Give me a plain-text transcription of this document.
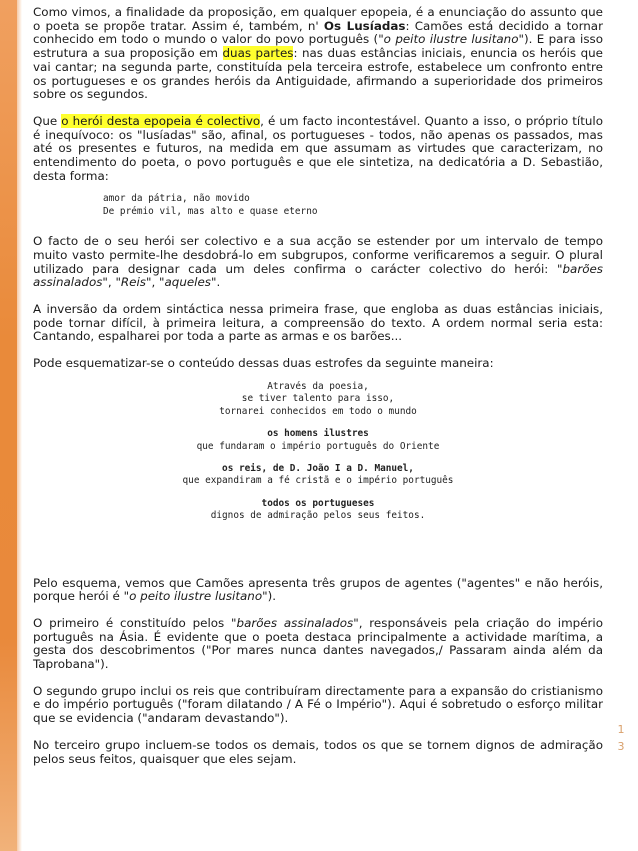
Como vimos, a finalidade da proposição, em qualquer epopeia, é a enunciação do assunto que o poeta se propõe tratar. Assim é, também, n' Os Lusíadas: Camões está decidido a tornar conhecido em todo o mundo o valor do povo português ("o peito ilustre lusitano"). E para isso estrutura a sua proposição em duas partes: nas duas estâncias iniciais, enuncia os heróis que vai cantar; na segunda parte, constituída pela terceira estrofe, estabelece um confronto entre os portugueses e os grandes heróis da Antiguidade, afirmando a superioridade dos primeiros sobre os segundos.

Que o herói desta epopeia é colectivo, é um facto incontestável. Quanto a isso, o próprio título é inequívoco: os "lusíadas" são, afinal, os portugueses - todos, não apenas os passados, mas até os presentes e futuros, na medida em que assumam as virtudes que caracterizam, no entendimento do poeta, o povo português e que ele sintetiza, na dedicatória a D. Sebastião, desta forma:

amor da pátria, não movido
De prémio vil, mas alto e quase eterno

O facto de o seu herói ser colectivo e a sua acção se estender por um intervalo de tempo muito vasto permite-lhe desdobrá-lo em subgrupos, conforme verificaremos a seguir. O plural utilizado para designar cada um deles confirma o carácter colectivo do herói: "barões assinalados", "Reis", "aqueles".

A inversão da ordem sintáctica nessa primeira frase, que engloba as duas estâncias iniciais, pode tornar difícil, à primeira leitura, a compreensão do texto. A ordem normal seria esta: Cantando, espalharei por toda a parte as armas e os barões...

Pode esquematizar-se o conteúdo dessas duas estrofes da seguinte maneira:

Através da poesia,
se tiver talento para isso,
tornarei conhecidos em todo o mundo
os homens ilustres
que fundaram o império português do Oriente
os reis, de D. João I a D. Manuel,
que expandiram a fé cristã e o império português
todos os portugueses
dignos de admiração pelos seus feitos.

Pelo esquema, vemos que Camões apresenta três grupos de agentes ("agentes" e não heróis, porque herói é "o peito ilustre lusitano").

O primeiro é constituído pelos "barões assinalados", responsáveis pela criação do império português na Ásia. É evidente que o poeta destaca principalmente a actividade marítima, a gesta dos descobrimentos ("Por mares nunca dantes navegados,/ Passaram ainda além da Taprobana").

O segundo grupo inclui os reis que contribuíram directamente para a expansão do cristianismo e do império português ("foram dilatando / A Fé o Império"). Aqui é sobretudo o esforço militar que se evidencia ("andaram devastando").

No terceiro grupo incluem-se todos os demais, todos os que se tornem dignos de admiração pelos seus feitos, quaisquer que eles sejam.

1
3
